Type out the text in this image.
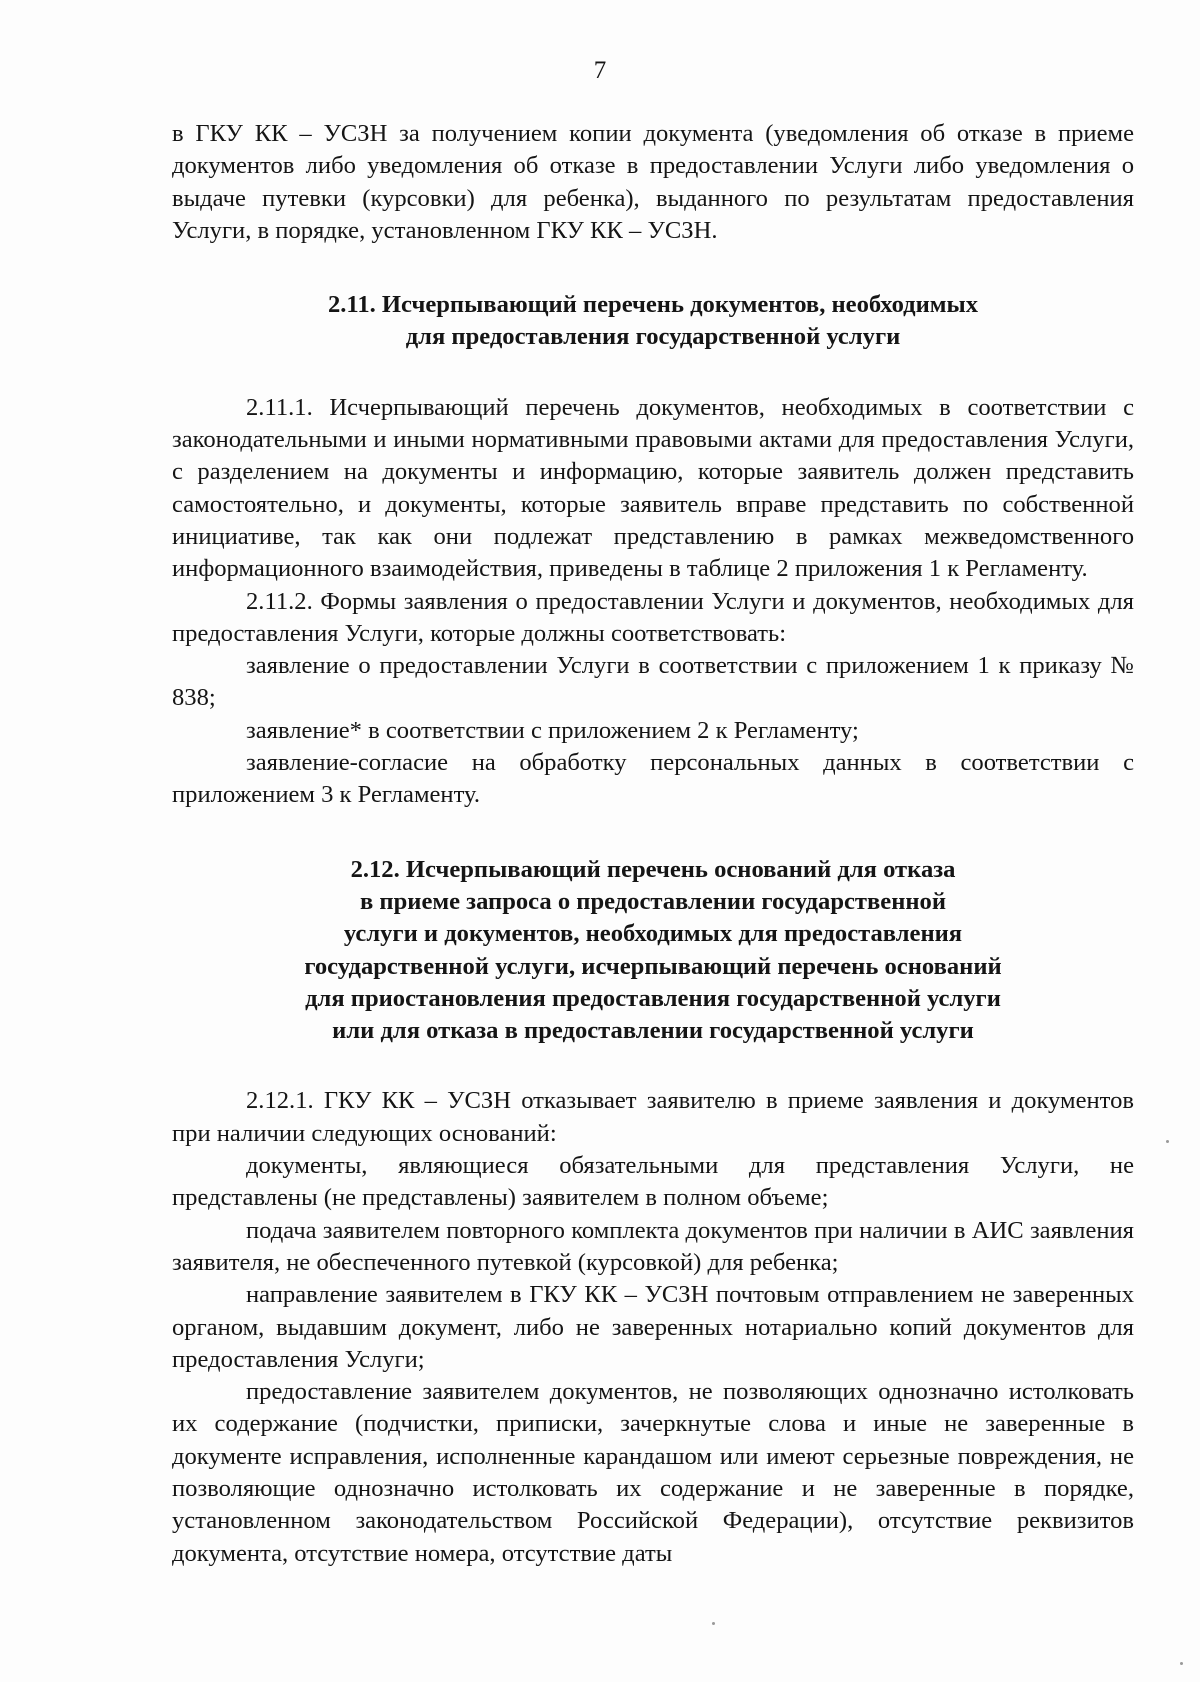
7

в ГКУ КК – УСЗН за получением копии документа (уведомления об отказе в приеме документов либо уведомления об отказе в предоставлении Услуги либо уведомления о выдаче путевки (курсовки) для ребенка), выданного по результатам предоставления Услуги, в порядке, установленном ГКУ КК – УСЗН.

2.11. Исчерпывающий перечень документов, необходимых
для предоставления государственной услуги

2.11.1. Исчерпывающий перечень документов, необходимых в соответствии с законодательными и иными нормативными правовыми актами для предоставления Услуги, с разделением на документы и информацию, которые заявитель должен представить самостоятельно, и документы, которые заявитель вправе представить по собственной инициативе, так как они подлежат представлению в рамках межведомственного информационного взаимодействия, приведены в таблице 2 приложения 1 к Регламенту.

2.11.2. Формы заявления о предоставлении Услуги и документов, необходимых для предоставления Услуги, которые должны соответствовать:

заявление о предоставлении Услуги в соответствии с приложением 1 к приказу № 838;

заявление* в соответствии с приложением 2 к Регламенту;

заявление-согласие на обработку персональных данных в соответствии с приложением 3 к Регламенту.

2.12. Исчерпывающий перечень оснований для отказа
в приеме запроса о предоставлении государственной
услуги и документов, необходимых для предоставления
государственной услуги, исчерпывающий перечень оснований
для приостановления предоставления государственной услуги
или для отказа в предоставлении государственной услуги

2.12.1. ГКУ КК – УСЗН отказывает заявителю в приеме заявления и документов при наличии следующих оснований:

документы, являющиеся обязательными для представления Услуги, не представлены (не представлены) заявителем в полном объеме;

подача заявителем повторного комплекта документов при наличии в АИС заявления заявителя, не обеспеченного путевкой (курсовкой) для ребенка;

направление заявителем в ГКУ КК – УСЗН почтовым отправлением не заверенных органом, выдавшим документ, либо не заверенных нотариально копий документов для предоставления Услуги;

предоставление заявителем документов, не позволяющих однозначно истолковать их содержание (подчистки, приписки, зачеркнутые слова и иные не заверенные в документе исправления, исполненные карандашом или имеют серьезные повреждения, не позволяющие однозначно истолковать их содержание и не заверенные в порядке, установленном законодательством Российской Федерации), отсутствие реквизитов документа, отсутствие номера, отсутствие даты
